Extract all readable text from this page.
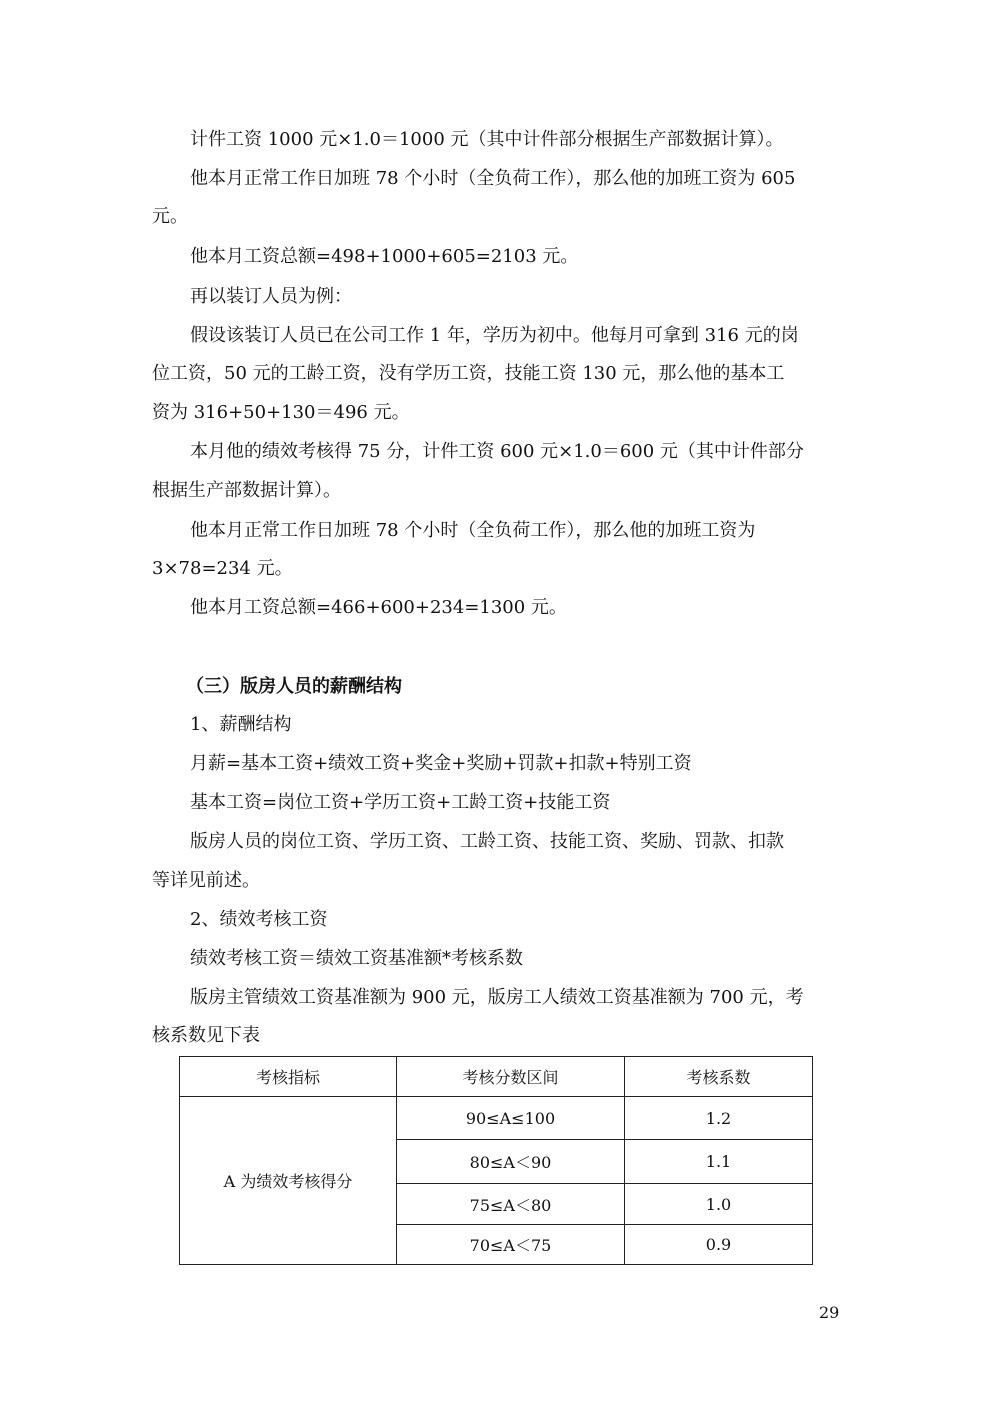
计件工资 1000 元×1.0＝1000 元（其中计件部分根据生产部数据计算）。

他本月正常工作日加班 78 个小时（全负荷工作），那么他的加班工资为 605

元。

他本月工资总额=498+1000+605=2103 元。

再以装订人员为例：

假设该装订人员已在公司工作 1 年，学历为初中。他每月可拿到 316 元的岗

位工资，50 元的工龄工资，没有学历工资，技能工资 130 元，那么他的基本工

资为 316+50+130＝496 元。

本月他的绩效考核得 75 分，计件工资 600 元×1.0＝600 元（其中计件部分

根据生产部数据计算）。

他本月正常工作日加班 78 个小时（全负荷工作），那么他的加班工资为

3×78=234 元。

他本月工资总额=466+600+234=1300 元。

（三）版房人员的薪酬结构

1、薪酬结构

月薪=基本工资+绩效工资+奖金+奖励+罚款+扣款+特别工资

基本工资=岗位工资+学历工资+工龄工资+技能工资

版房人员的岗位工资、学历工资、工龄工资、技能工资、奖励、罚款、扣款

等详见前述。

2、绩效考核工资

绩效考核工资＝绩效工资基准额*考核系数

版房主管绩效工资基准额为 900 元，版房工人绩效工资基准额为 700 元，考

核系数见下表

考核指标	考核分数区间	考核系数
A 为绩效考核得分	90≤A≤100	1.2
	80≤A＜90	1.1
	75≤A＜80	1.0
	70≤A＜75	0.9
29
